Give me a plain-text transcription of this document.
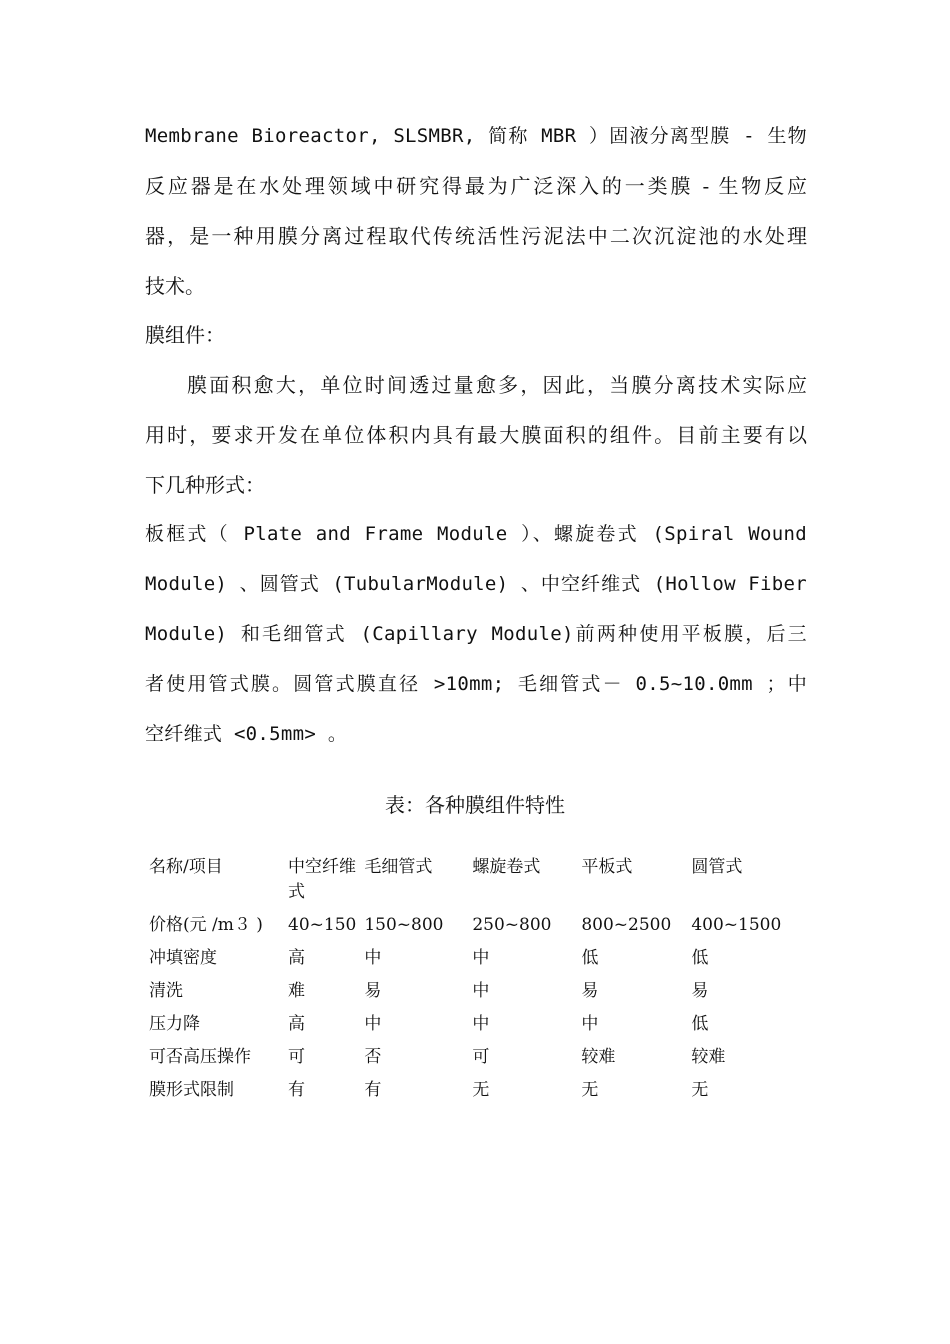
Membrane Bioreactor, SLSMBR, 简称 MBR ）固液分离型膜 - 生物
反应器是在水处理领域中研究得最为广泛深入的一类膜 - 生物反应
器，是一种用膜分离过程取代传统活性污泥法中二次沉淀池的水处理
技术。
膜组件：
膜面积愈大，单位时间透过量愈多，因此，当膜分离技术实际应
用时，要求开发在单位体积内具有最大膜面积的组件。目前主要有以
下几种形式：
板框式（ Plate and Frame Module ）、螺旋卷式 (Spiral Wound
Module) 、圆管式 (TubularModule) 、中空纤维式 (Hollow Fiber
Module) 和毛细管式 (Capillary Module)前两种使用平板膜，后三
者使用管式膜。圆管式膜直径 >10mm; 毛细管式－ 0.5~10.0mm ；中
空纤维式 <0.5mm> 。
表：各种膜组件特性
名称/项目	中空纤维式	毛细管式	螺旋卷式	平板式	圆管式
价格(元 /m３ )	40~150	150~800	250~800	800~2500	400~1500
冲填密度	高	中	中	低	低
清洗	难	易	中	易	易
压力降	高	中	中	中	低
可否高压操作	可	否	可	较难	较难
膜形式限制	有	有	无	无	无
